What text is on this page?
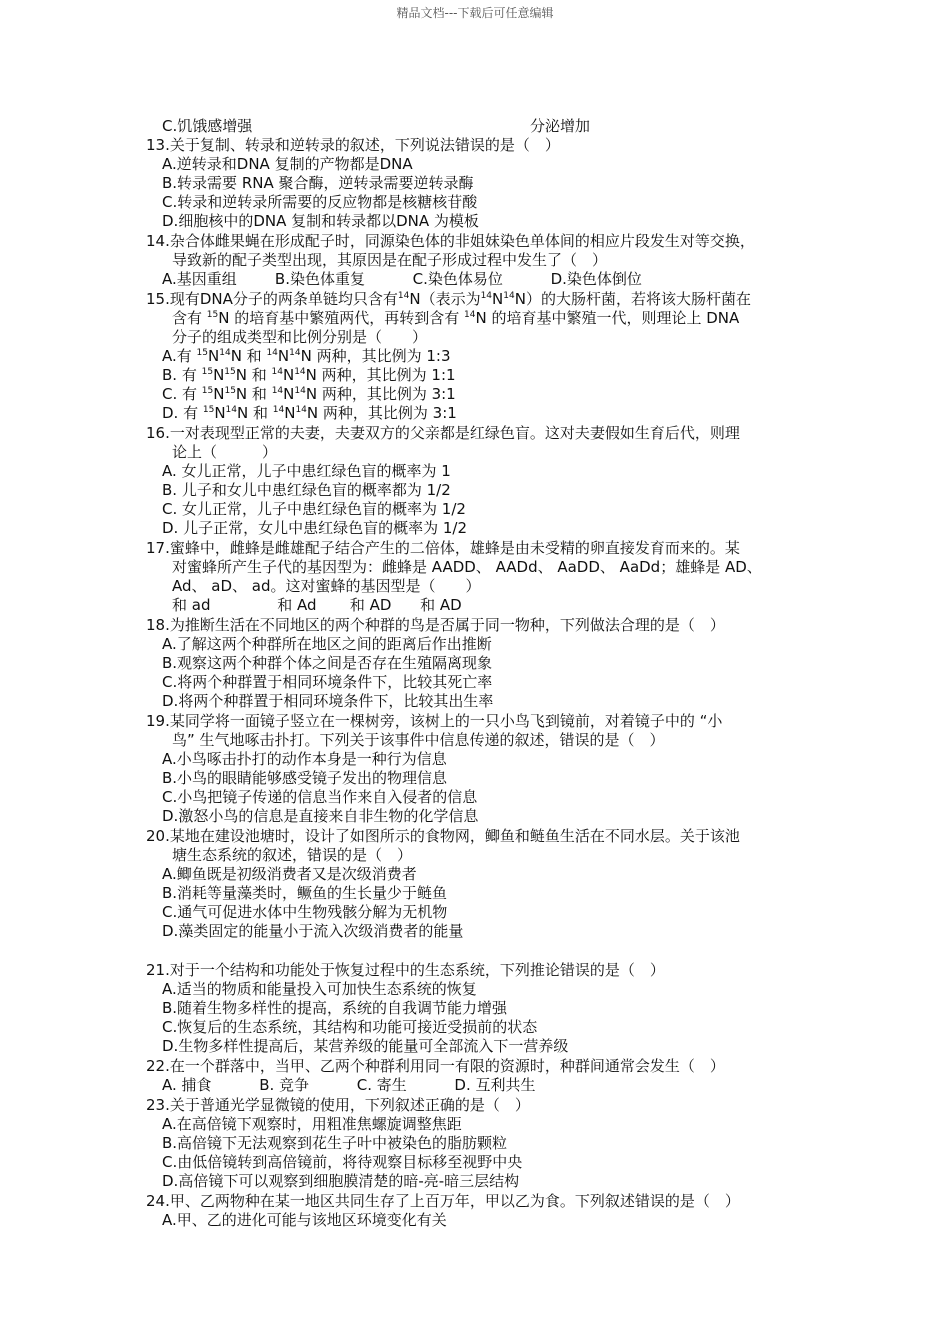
精品文档---下载后可任意编辑
C.饥饿感增强	分泌增加
13.关于复制、转录和逆转录的叙述，下列说法错误的是（　）
A.逆转录和DNA 复制的产物都是DNA
B.转录需要 RNA 聚合酶，逆转录需要逆转录酶
C.转录和逆转录所需要的反应物都是核糖核苷酸
D.细胞核中的DNA 复制和转录都以DNA 为模板
14.杂合体雌果蝇在形成配子时，同源染色体的非姐妹染色单体间的相应片段发生对等交换，
导致新的配子类型出现，其原因是在配子形成过程中发生了（　）
A.基因重组        B.染色体重复          C.染色体易位          D.染色体倒位
15.现有DNA分子的两条单链均只含有$^{14}$N（表示为$^{14}N^{14}N$）的大肠杆菌，若将该大肠杆菌在
含有 $^{15}$N 的培育基中繁殖两代，再转到含有 $^{14}$N 的培育基中繁殖一代，则理论上 DNA
分子的组成类型和比例分别是（　　）
A.有 $^{15}N^{14}N$ 和 $^{14}N^{14}N$ 两种，其比例为 1:3
B. 有 $^{15}N^{15}N$ 和 $^{14}N^{14}N$ 两种，其比例为 1:1
C. 有 $^{15}N^{15}N$ 和 $^{14}N^{14}N$ 两种，其比例为 3:1
D. 有 $^{15}N^{14}N$ 和 $^{14}N^{14}N$ 两种，其比例为 3:1
16.一对表现型正常的夫妻，夫妻双方的父亲都是红绿色盲。这对夫妻假如生育后代，则理
论上（　　　）
A. 女儿正常，儿子中患红绿色盲的概率为 1
B. 儿子和女儿中患红绿色盲的概率都为 1/2
C. 女儿正常，儿子中患红绿色盲的概率为 1/2
D. 儿子正常，女儿中患红绿色盲的概率为 1/2
17.蜜蜂中，雌蜂是雌雄配子结合产生的二倍体，雄蜂是由未受精的卵直接发育而来的。某
对蜜蜂所产生子代的基因型为：雌蜂是 AADD、 AADd、 AaDD、 AaDd；雄蜂是 AD、
Ad、 aD、 ad。这对蜜蜂的基因型是（　　）
和 ad              和 Ad       和 AD      和 AD
18.为推断生活在不同地区的两个种群的鸟是否属于同一物种，下列做法合理的是（　）
A.了解这两个种群所在地区之间的距离后作出推断
B.观察这两个种群个体之间是否存在生殖隔离现象
C.将两个种群置于相同环境条件下，比较其死亡率
D.将两个种群置于相同环境条件下，比较其出生率
19.某同学将一面镜子竖立在一棵树旁，该树上的一只小鸟飞到镜前，对着镜子中的 “小
鸟” 生气地啄击扑打。下列关于该事件中信息传递的叙述，错误的是（　）
A.小鸟啄击扑打的动作本身是一种行为信息
B.小鸟的眼睛能够感受镜子发出的物理信息
C.小鸟把镜子传递的信息当作来自入侵者的信息
D.激怒小鸟的信息是直接来自非生物的化学信息
20.某地在建设池塘时，设计了如图所示的食物网，鲫鱼和鲢鱼生活在不同水层。关于该池
塘生态系统的叙述，错误的是（　）
A.鲫鱼既是初级消费者又是次级消费者
B.消耗等量藻类时，鳜鱼的生长量少于鲢鱼
C.通气可促进水体中生物残骸分解为无机物
D.藻类固定的能量小于流入次级消费者的能量
21.对于一个结构和功能处于恢复过程中的生态系统，下列推论错误的是（　）
A.适当的物质和能量投入可加快生态系统的恢复
B.随着生物多样性的提高，系统的自我调节能力增强
C.恢复后的生态系统，其结构和功能可接近受损前的状态
D.生物多样性提高后，某营养级的能量可全部流入下一营养级
22.在一个群落中，当甲、乙两个种群利用同一有限的资源时，种群间通常会发生（　）
A. 捕食          B. 竞争          C. 寄生          D. 互利共生
23.关于普通光学显微镜的使用，下列叙述正确的是（　）
A.在高倍镜下观察时，用粗准焦螺旋调整焦距
B.高倍镜下无法观察到花生子叶中被染色的脂肪颗粒
C.由低倍镜转到高倍镜前，将待观察目标移至视野中央
D.高倍镜下可以观察到细胞膜清楚的暗-亮-暗三层结构
24.甲、乙两物种在某一地区共同生存了上百万年，甲以乙为食。下列叙述错误的是（　）
A.甲、乙的进化可能与该地区环境变化有关
